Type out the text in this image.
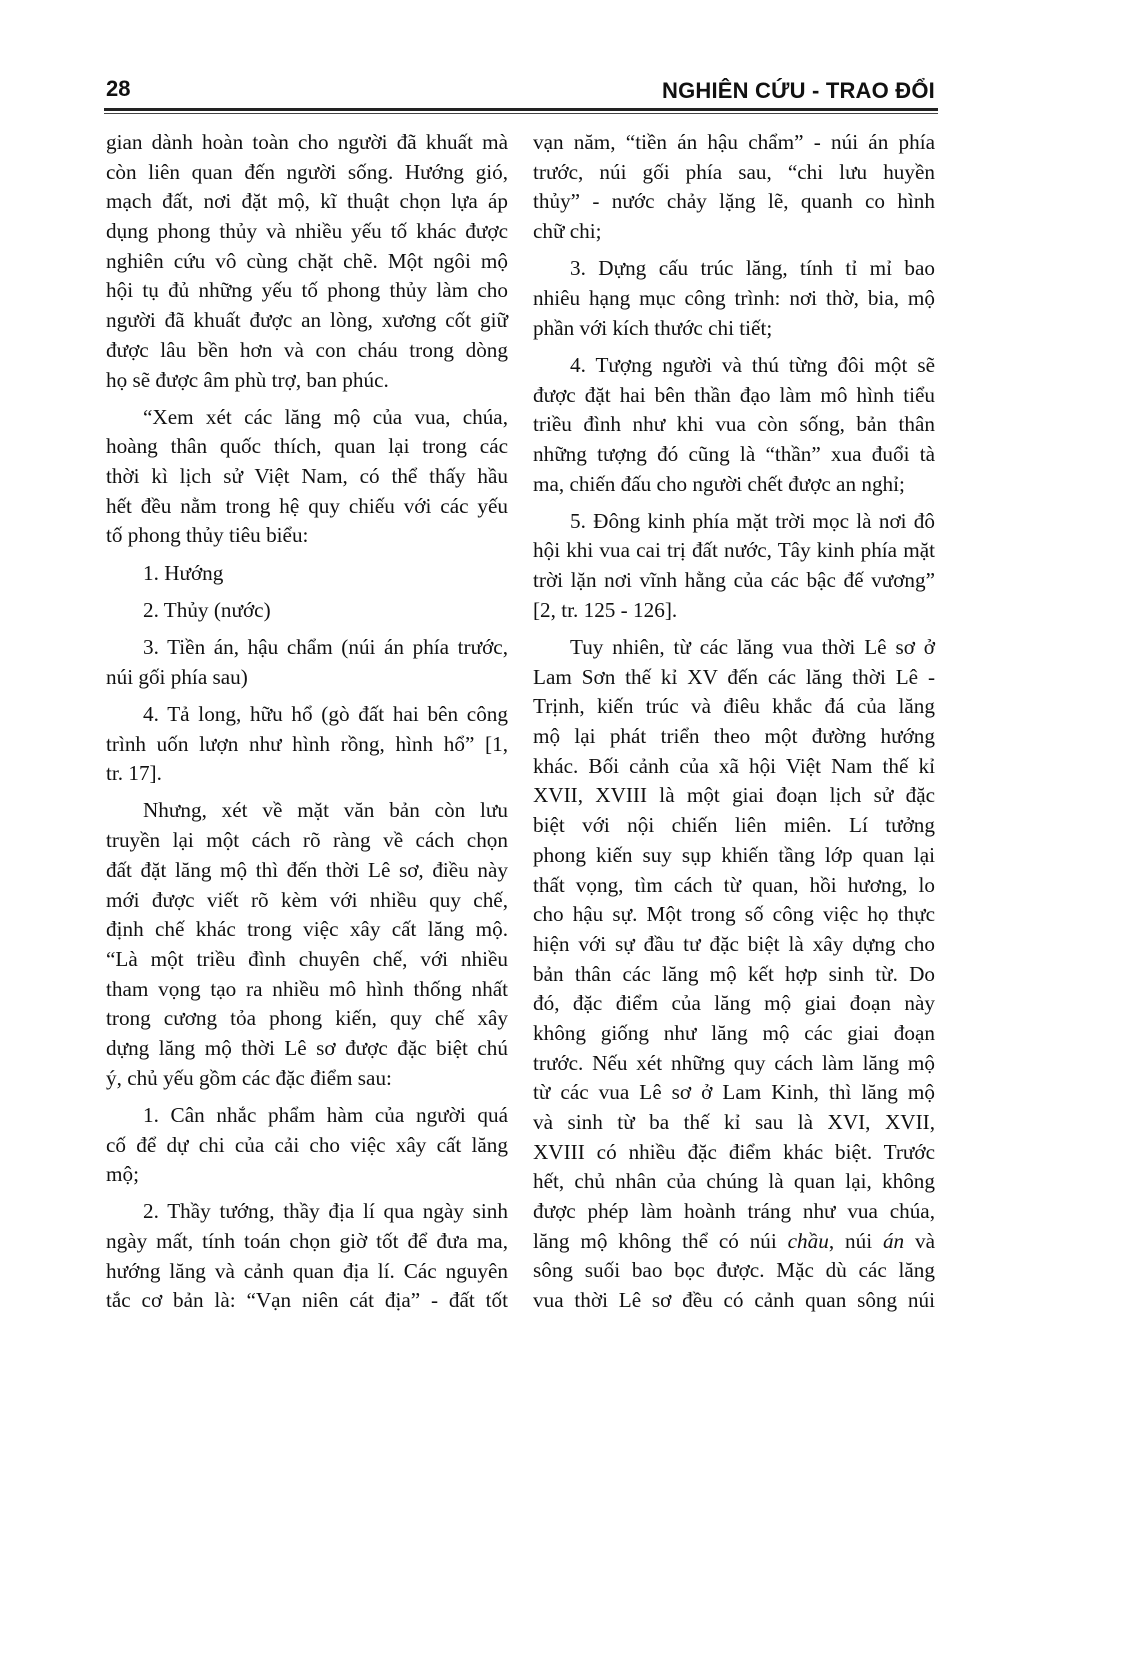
28	NGHIÊN CỨU - TRAO ĐỔI
gian dành hoàn toàn cho người đã khuất mà
còn liên quan đến người sống. Hướng gió,
mạch đất, nơi đặt mộ, kĩ thuật chọn lựa áp
dụng phong thủy và nhiều yếu tố khác được
nghiên cứu vô cùng chặt chẽ. Một ngôi mộ
hội tụ đủ những yếu tố phong thủy làm cho
người đã khuất được an lòng, xương cốt giữ
được lâu bền hơn và con cháu trong dòng
họ sẽ được âm phù trợ, ban phúc.
“Xem xét các lăng mộ của vua, chúa,
hoàng thân quốc thích, quan lại trong các
thời kì lịch sử Việt Nam, có thể thấy hầu
hết đều nằm trong hệ quy chiếu với các yếu
tố phong thủy tiêu biểu:
1. Hướng
2. Thủy (nước)
3. Tiền án, hậu chẩm (núi án phía trước,
núi gối phía sau)
4. Tả long, hữu hổ (gò đất hai bên công
trình uốn lượn như hình rồng, hình hổ” [1,
tr. 17].
Nhưng, xét về mặt văn bản còn lưu
truyền lại một cách rõ ràng về cách chọn
đất đặt lăng mộ thì đến thời Lê sơ, điều này
mới được viết rõ kèm với nhiều quy chế,
định chế khác trong việc xây cất lăng mộ.
“Là một triều đình chuyên chế, với nhiều
tham vọng tạo ra nhiều mô hình thống nhất
trong cương tỏa phong kiến, quy chế xây
dựng lăng mộ thời Lê sơ được đặc biệt chú
ý, chủ yếu gồm các đặc điểm sau:
1. Cân nhắc phẩm hàm của người quá
cố để dự chi của cải cho việc xây cất lăng
mộ;
2. Thầy tướng, thầy địa lí qua ngày sinh
ngày mất, tính toán chọn giờ tốt để đưa ma,
hướng lăng và cảnh quan địa lí. Các nguyên
tắc cơ bản là: “Vạn niên cát địa” - đất tốt
vạn năm, “tiền án hậu chẩm” - núi án phía
trước, núi gối phía sau, “chi lưu huyền
thủy” - nước chảy lặng lẽ, quanh co hình
chữ chi;
3. Dựng cấu trúc lăng, tính tỉ mỉ bao
nhiêu hạng mục công trình: nơi thờ, bia, mộ
phần với kích thước chi tiết;
4. Tượng người và thú từng đôi một sẽ
được đặt hai bên thần đạo làm mô hình tiểu
triều đình như khi vua còn sống, bản thân
những tượng đó cũng là “thần” xua đuổi tà
ma, chiến đấu cho người chết được an nghỉ;
5. Đông kinh phía mặt trời mọc là nơi đô
hội khi vua cai trị đất nước, Tây kinh phía mặt
trời lặn nơi vĩnh hằng của các bậc đế vương”
[2, tr. 125 - 126].
Tuy nhiên, từ các lăng vua thời Lê sơ ở
Lam Sơn thế kỉ XV đến các lăng thời Lê -
Trịnh, kiến trúc và điêu khắc đá của lăng
mộ lại phát triển theo một đường hướng
khác. Bối cảnh của xã hội Việt Nam thế kỉ
XVII, XVIII là một giai đoạn lịch sử đặc
biệt với nội chiến liên miên. Lí tưởng
phong kiến suy sụp khiến tầng lớp quan lại
thất vọng, tìm cách từ quan, hồi hương, lo
cho hậu sự. Một trong số công việc họ thực
hiện với sự đầu tư đặc biệt là xây dựng cho
bản thân các lăng mộ kết hợp sinh từ. Do
đó, đặc điểm của lăng mộ giai đoạn này
không giống như lăng mộ các giai đoạn
trước. Nếu xét những quy cách làm lăng mộ
từ các vua Lê sơ ở Lam Kinh, thì lăng mộ
và sinh từ ba thế kỉ sau là XVI, XVII,
XVIII có nhiều đặc điểm khác biệt. Trước
hết, chủ nhân của chúng là quan lại, không
được phép làm hoành tráng như vua chúa,
lăng mộ không thể có núi chầu, núi án và
sông suối bao bọc được. Mặc dù các lăng
vua thời Lê sơ đều có cảnh quan sông núi
